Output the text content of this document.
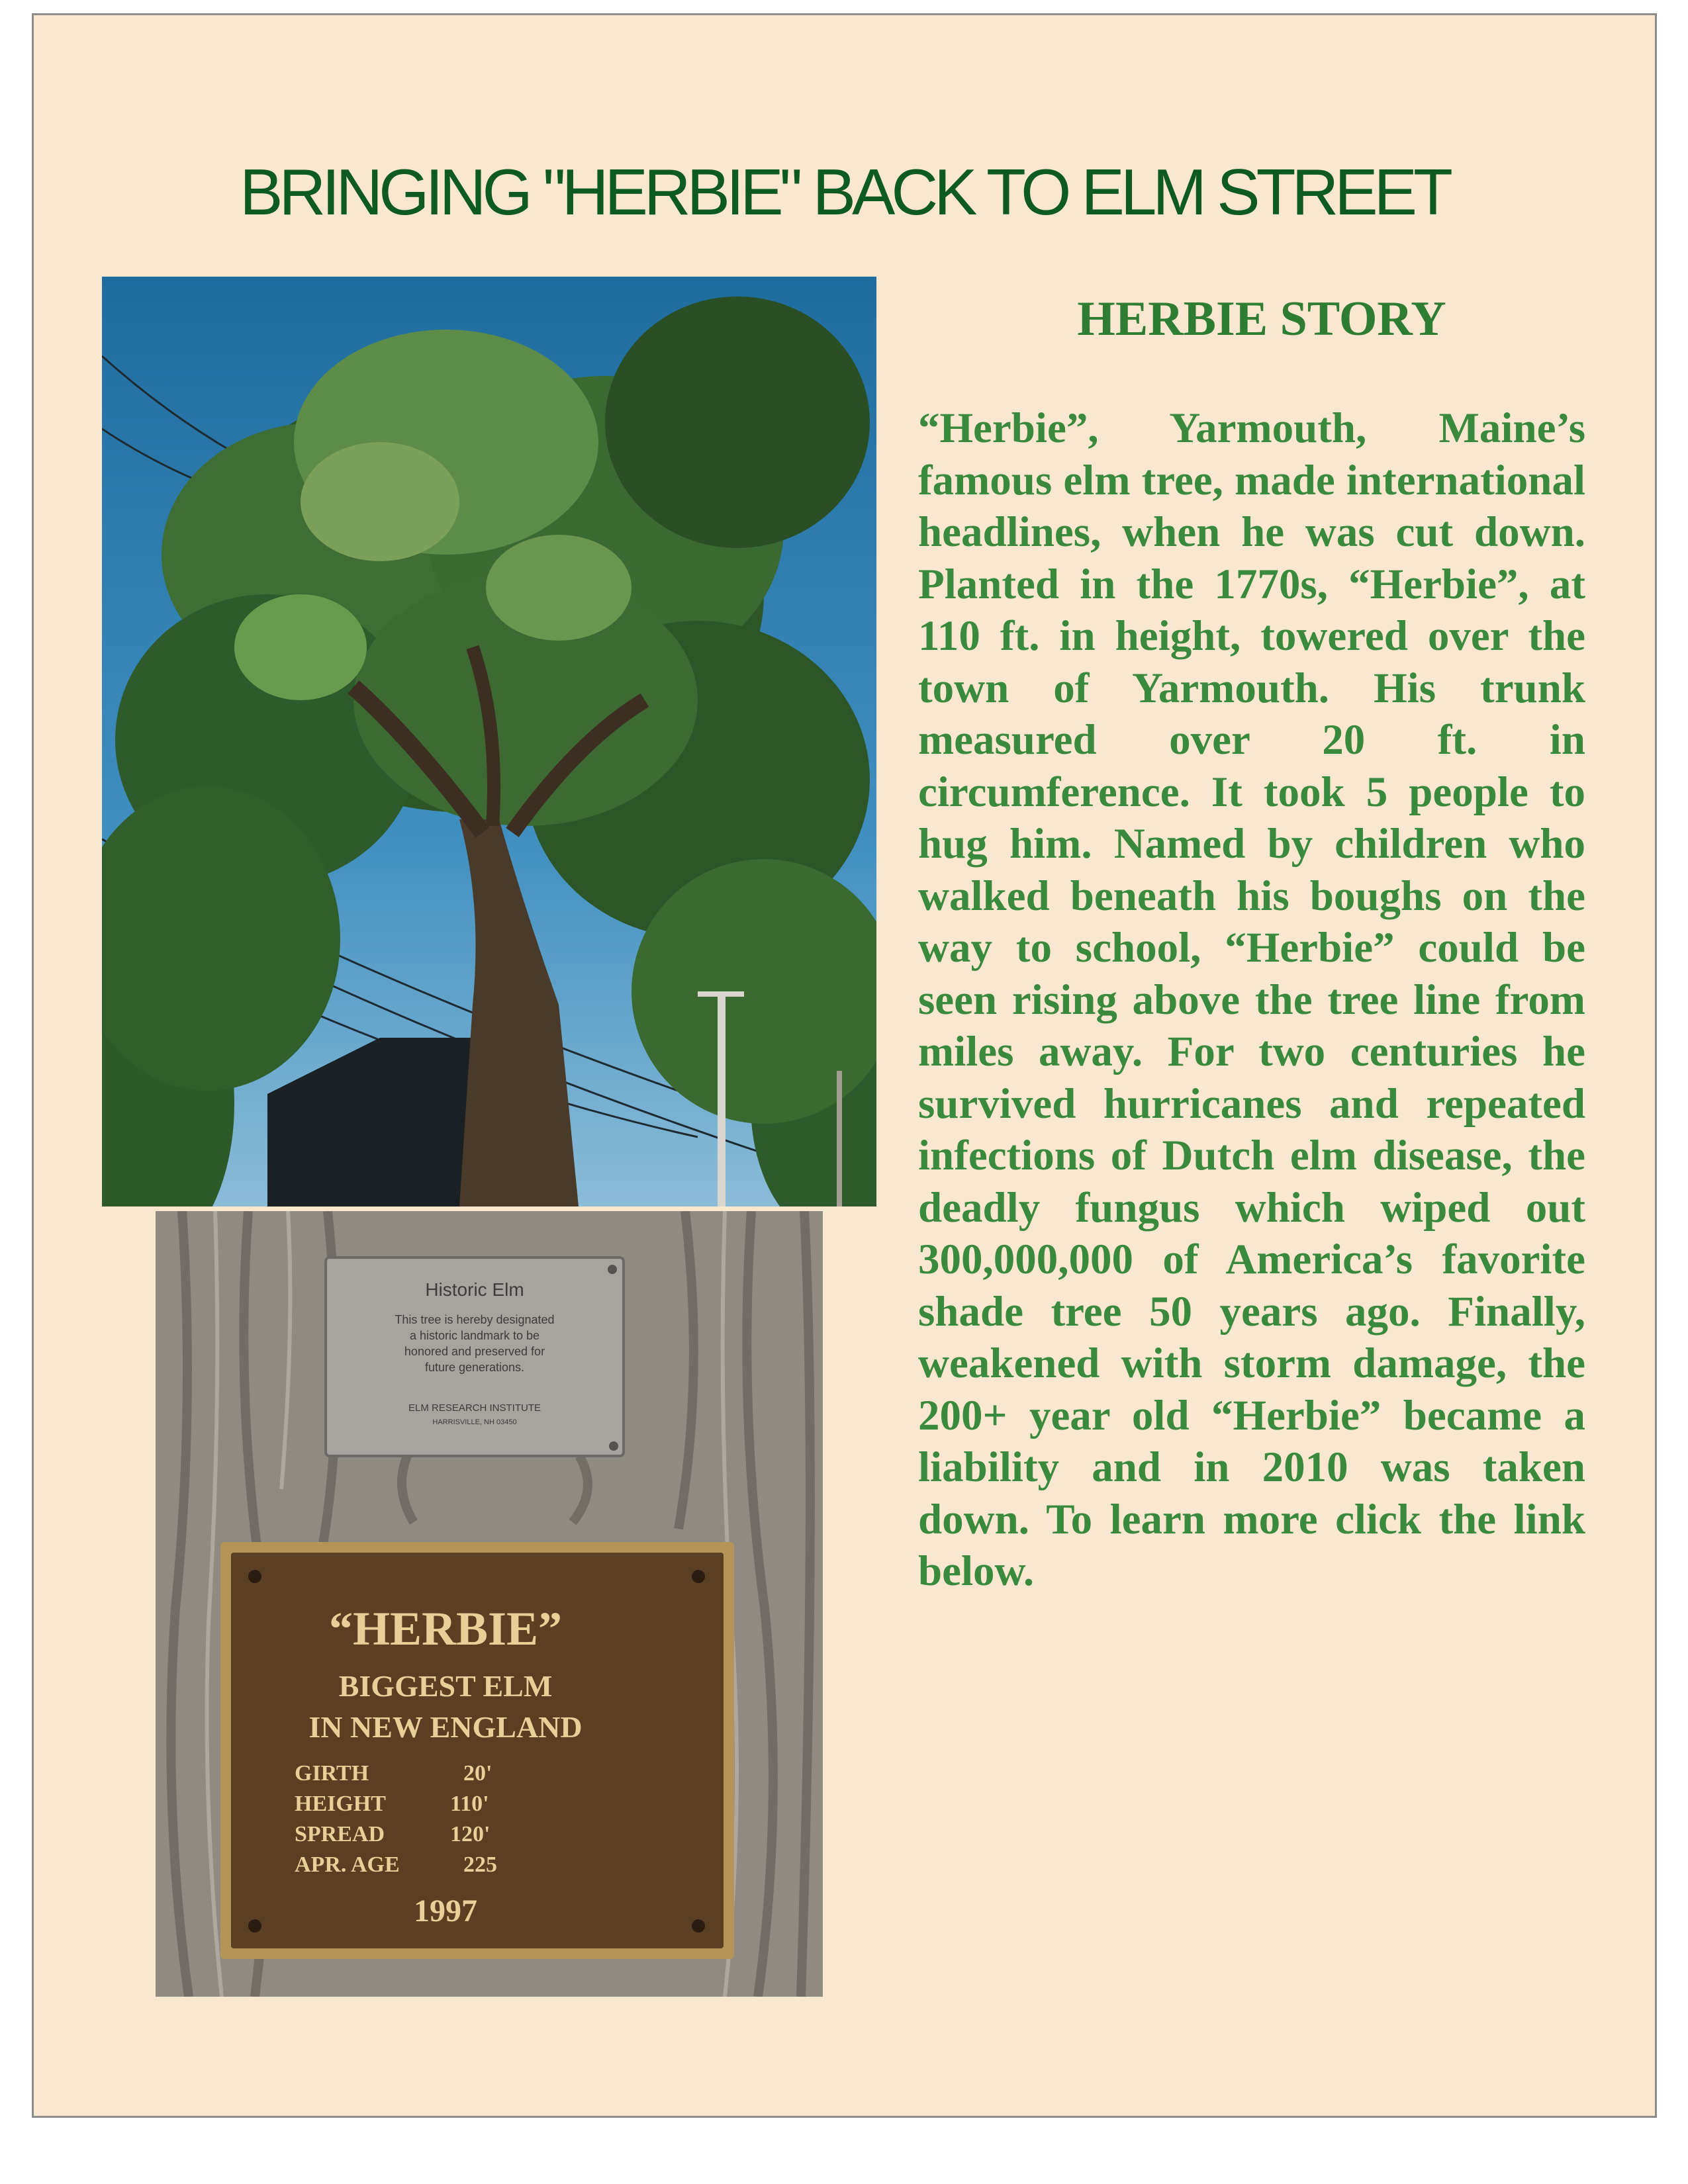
BRINGING "HERBIE" BACK TO ELM STREET
Historic Elm
This tree is hereby designated
a historic landmark to be
honored and preserved for
future generations.
ELM RESEARCH INSTITUTE
HARRISVILLE, NH 03450
“HERBIE”
BIGGEST ELM
IN NEW ENGLAND
GIRTH	20'
HEIGHT	110'
SPREAD	120'
APR. AGE	225
1997
HERBIE STORY
“Herbie”, Yarmouth, Maine’s famous elm tree, made international headlines, when he was cut down. Planted in the 1770s, “Herbie”, at 110 ft. in height, towered over the town of Yarmouth. His trunk measured over 20 ft. in circumference. It took 5 people to hug him. Named by children who walked beneath his boughs on the way to school, “Herbie” could be seen rising above the tree line from miles away. For two centuries he survived hurricanes and repeated infections of Dutch elm disease, the deadly fungus which wiped out 300,000,000 of America’s favorite shade tree 50 years ago. Finally, weakened with storm damage, the 200+ year old “Herbie” became a liability and in 2010 was taken down. To learn more click the link below.
